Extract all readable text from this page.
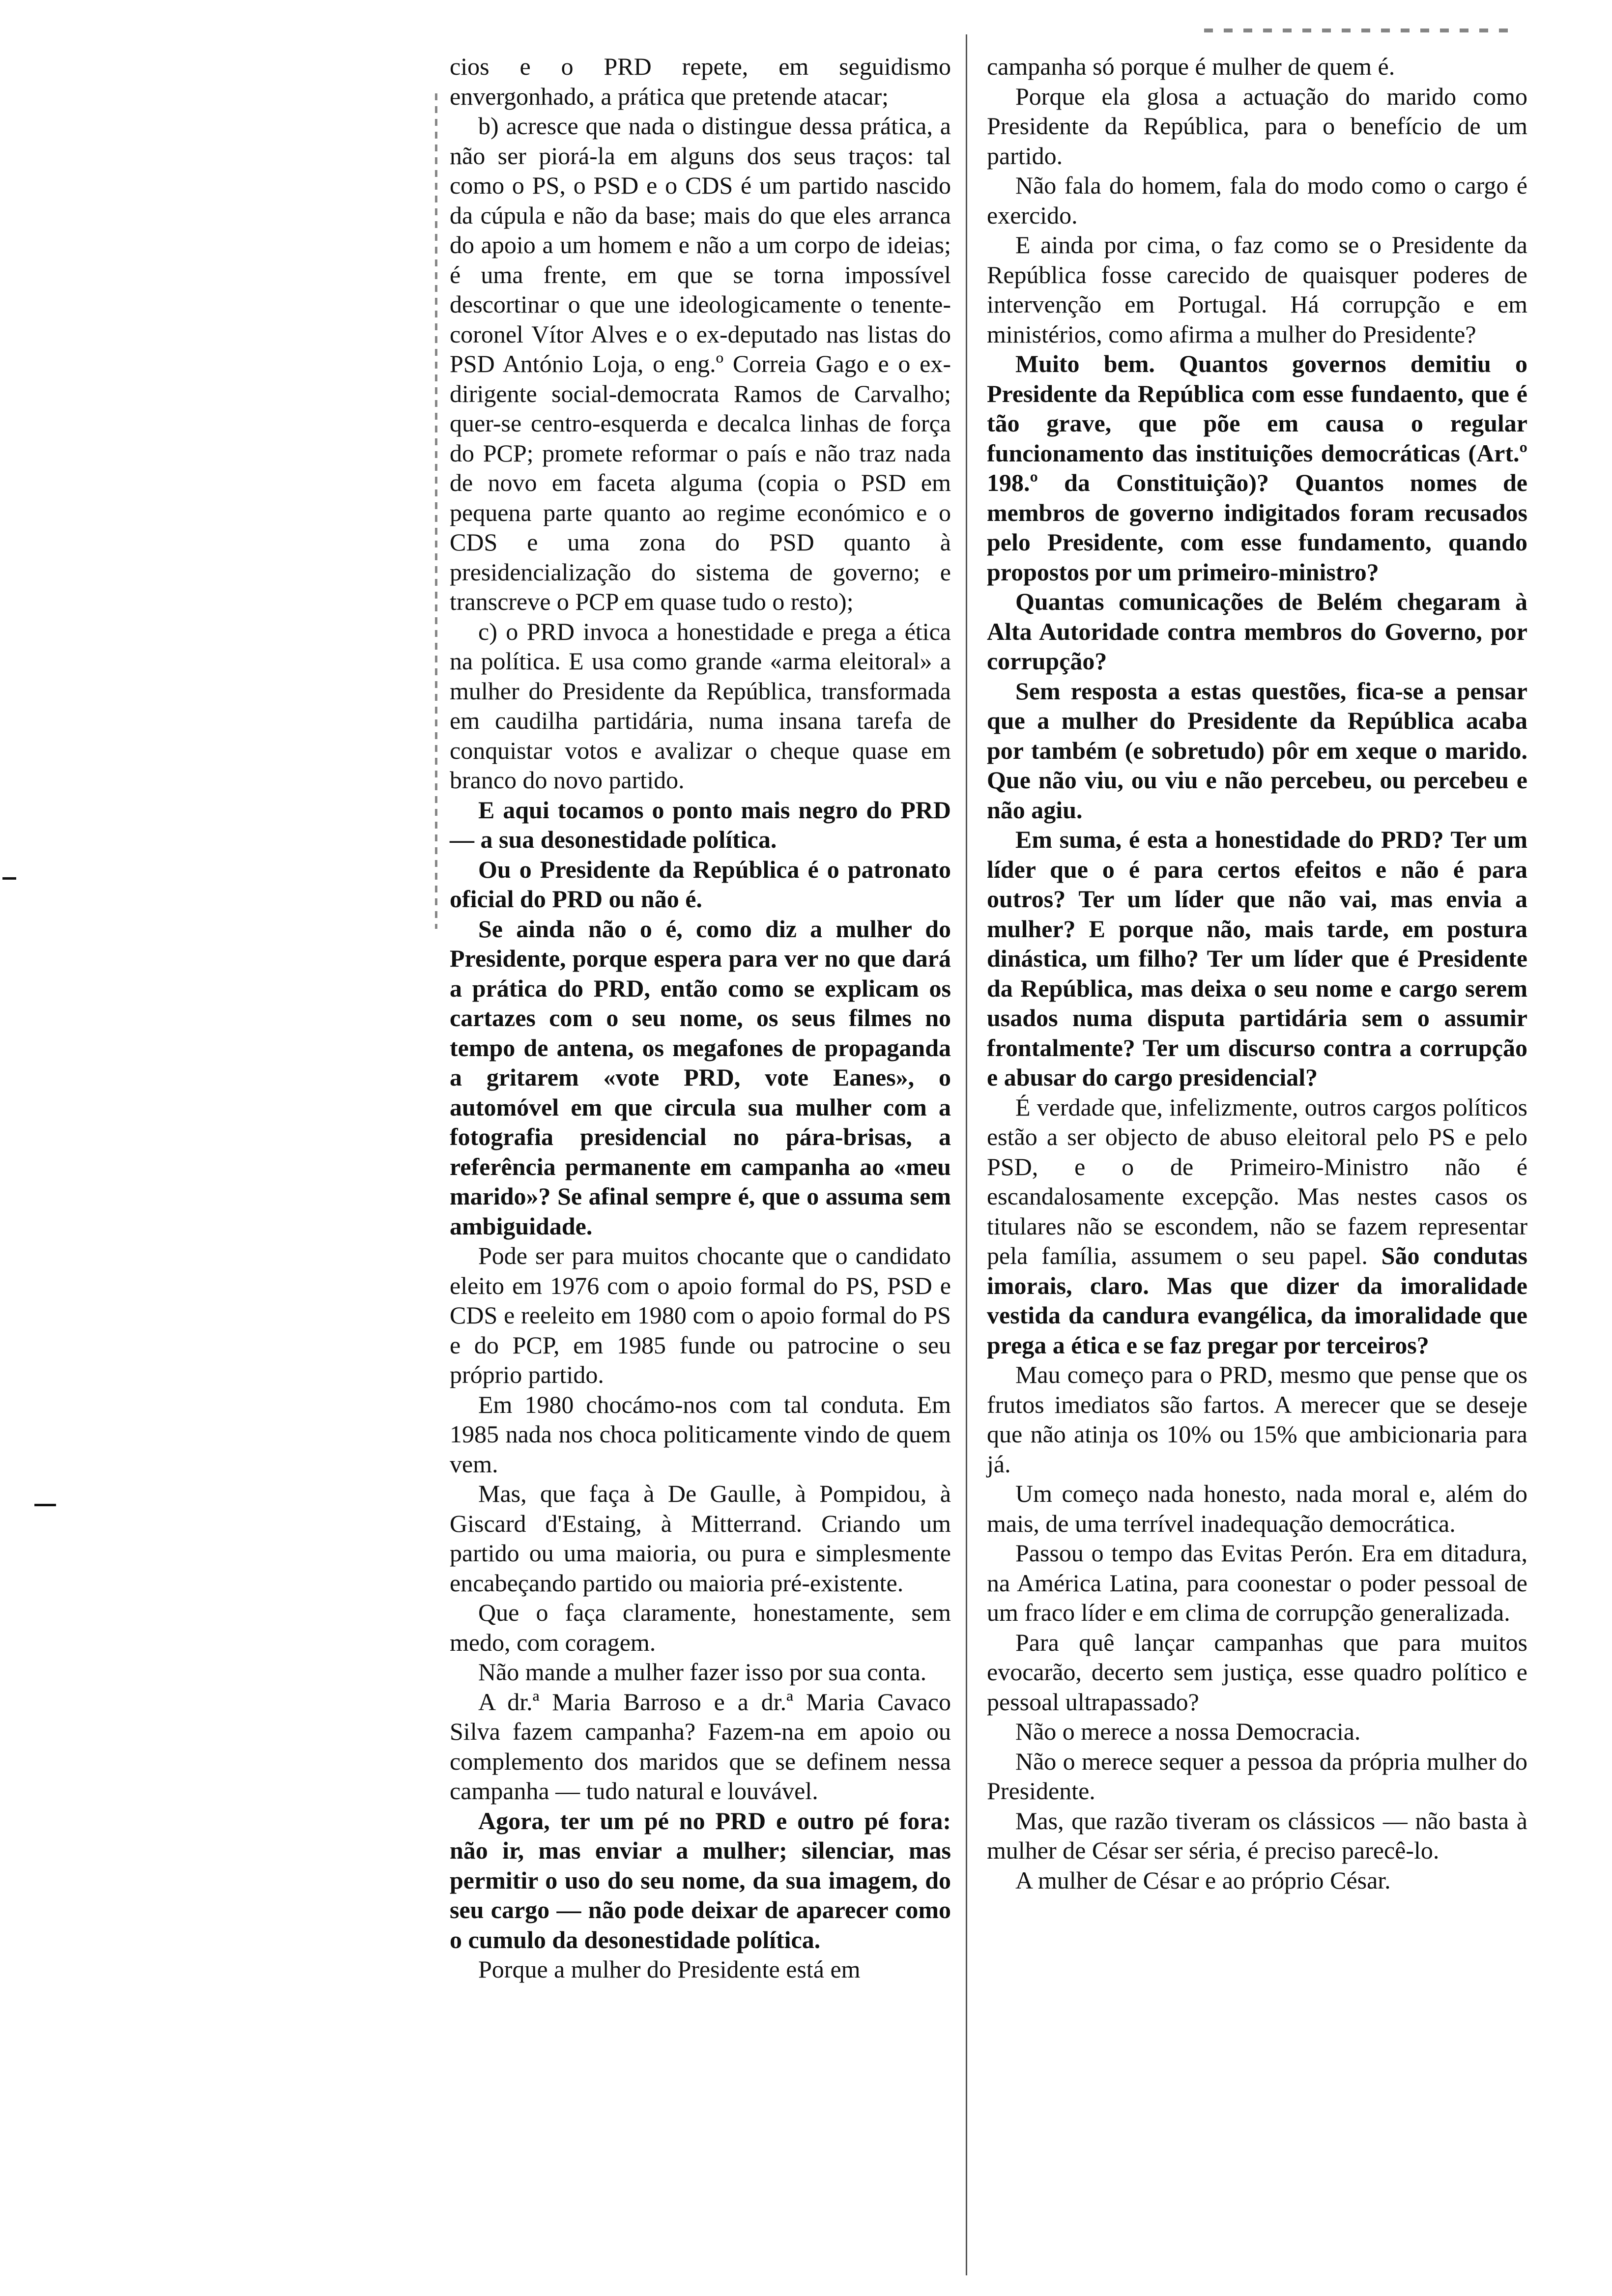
cios e o PRD repete, em seguidismo envergonhado, a prática que pretende atacar;

b) acresce que nada o distingue dessa prática, a não ser piorá-la em alguns dos seus traços: tal como o PS, o PSD e o CDS é um partido nascido da cúpula e não da base; mais do que eles arranca do apoio a um homem e não a um corpo de ideias; é uma frente, em que se torna impossível descortinar o que une ideologicamente o tenente-coronel Vítor Alves e o ex-deputado nas listas do PSD António Loja, o eng.º Correia Gago e o ex-dirigente social-democrata Ramos de Carvalho; quer-se centro-esquerda e decalca linhas de força do PCP; promete reformar o país e não traz nada de novo em faceta alguma (copia o PSD em pequena parte quanto ao regime económico e o CDS e uma zona do PSD quanto à presidencialização do sistema de governo; e transcreve o PCP em quase tudo o resto);

c) o PRD invoca a honestidade e prega a ética na política. E usa como grande «arma eleitoral» a mulher do Presidente da República, transformada em caudilha partidária, numa insana tarefa de conquistar votos e avalizar o cheque quase em branco do novo partido.

E aqui tocamos o ponto mais negro do PRD — a sua desonestidade política.

Ou o Presidente da República é o patronato oficial do PRD ou não é.

Se ainda não o é, como diz a mulher do Presidente, porque espera para ver no que dará a prática do PRD, então como se explicam os cartazes com o seu nome, os seus filmes no tempo de antena, os megafones de propaganda a gritarem «vote PRD, vote Eanes», o automóvel em que circula sua mulher com a fotografia presidencial no pára-brisas, a referência permanente em campanha ao «meu marido»? Se afinal sempre é, que o assuma sem ambiguidade.

Pode ser para muitos chocante que o candidato eleito em 1976 com o apoio formal do PS, PSD e CDS e reeleito em 1980 com o apoio formal do PS e do PCP, em 1985 funde ou patrocine o seu próprio partido.

Em 1980 chocámo-nos com tal conduta. Em 1985 nada nos choca politicamente vindo de quem vem.

Mas, que faça à De Gaulle, à Pompidou, à Giscard d'Estaing, à Mitterrand. Criando um partido ou uma maioria, ou pura e simplesmente encabeçando partido ou maioria pré-existente.

Que o faça claramente, honestamente, sem medo, com coragem.

Não mande a mulher fazer isso por sua conta.

A dr.ª Maria Barroso e a dr.ª Maria Cavaco Silva fazem campanha? Fazem-na em apoio ou complemento dos maridos que se definem nessa campanha — tudo natural e louvável.

Agora, ter um pé no PRD e outro pé fora: não ir, mas enviar a mulher; silenciar, mas permitir o uso do seu nome, da sua imagem, do seu cargo — não pode deixar de aparecer como o cumulo da desonestidade política.

Porque a mulher do Presidente está em

campanha só porque é mulher de quem é.

Porque ela glosa a actuação do marido como Presidente da República, para o benefício de um partido.

Não fala do homem, fala do modo como o cargo é exercido.

E ainda por cima, o faz como se o Presidente da República fosse carecido de quaisquer poderes de intervenção em Portugal. Há corrupção e em ministérios, como afirma a mulher do Presidente?

Muito bem. Quantos governos demitiu o Presidente da República com esse fundaento, que é tão grave, que põe em causa o regular funcionamento das instituições democráticas (Art.º 198.º da Constituição)? Quantos nomes de membros de governo indigitados foram recusados pelo Presidente, com esse fundamento, quando propostos por um primeiro-ministro?

Quantas comunicações de Belém chegaram à Alta Autoridade contra membros do Governo, por corrupção?

Sem resposta a estas questões, fica-se a pensar que a mulher do Presidente da República acaba por também (e sobretudo) pôr em xeque o marido. Que não viu, ou viu e não percebeu, ou percebeu e não agiu.

Em suma, é esta a honestidade do PRD? Ter um líder que o é para certos efeitos e não é para outros? Ter um líder que não vai, mas envia a mulher? E porque não, mais tarde, em postura dinástica, um filho? Ter um líder que é Presidente da República, mas deixa o seu nome e cargo serem usados numa disputa partidária sem o assumir frontalmente? Ter um discurso contra a corrupção e abusar do cargo presidencial?

É verdade que, infelizmente, outros cargos políticos estão a ser objecto de abuso eleitoral pelo PS e pelo PSD, e o de Primeiro-Ministro não é escandalosamente excepção. Mas nestes casos os titulares não se escondem, não se fazem representar pela família, assumem o seu papel. São condutas imorais, claro. Mas que dizer da imoralidade vestida da candura evangélica, da imoralidade que prega a ética e se faz pregar por terceiros?

Mau começo para o PRD, mesmo que pense que os frutos imediatos são fartos. A merecer que se deseje que não atinja os 10% ou 15% que ambicionaria para já.

Um começo nada honesto, nada moral e, além do mais, de uma terrível inadequação democrática.

Passou o tempo das Evitas Perón. Era em ditadura, na América Latina, para coonestar o poder pessoal de um fraco líder e em clima de corrupção generalizada.

Para quê lançar campanhas que para muitos evocarão, decerto sem justiça, esse quadro político e pessoal ultrapassado?

Não o merece a nossa Democracia.

Não o merece sequer a pessoa da própria mulher do Presidente.

Mas, que razão tiveram os clássicos — não basta à mulher de César ser séria, é preciso parecê-lo.

A mulher de César e ao próprio César.
